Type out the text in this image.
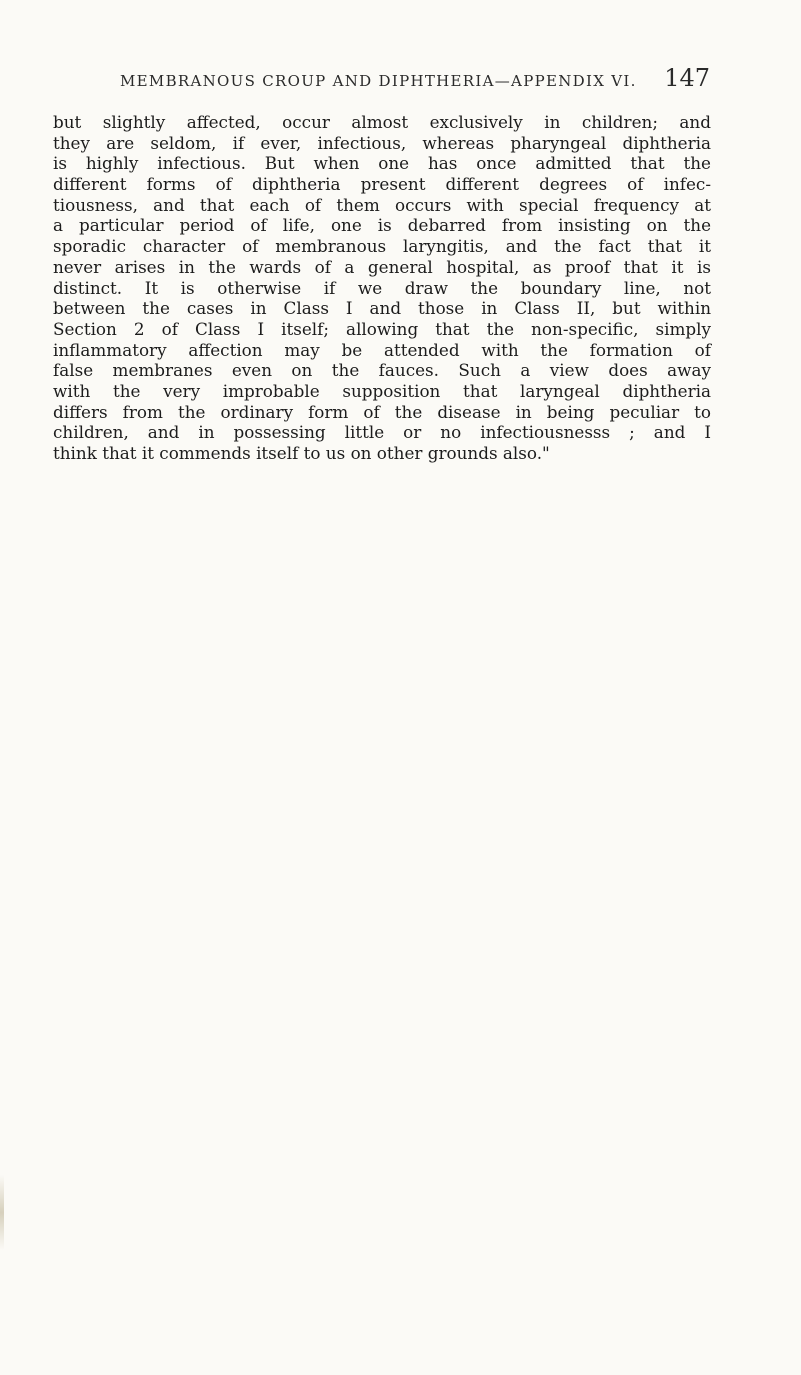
MEMBRANOUS CROUP AND DIPHTHERIA—APPENDIX VI. 147
but slightly affected, occur almost exclusively in children; and
they are seldom, if ever, infectious, whereas pharyngeal diphtheria
is highly infectious. But when one has once admitted that the
different forms of diphtheria present different degrees of infec-
tiousness, and that each of them occurs with special frequency at
a particular period of life, one is debarred from insisting on the
sporadic character of membranous laryngitis, and the fact that it
never arises in the wards of a general hospital, as proof that it is
distinct. It is otherwise if we draw the boundary line, not
between the cases in Class I and those in Class II, but within
Section 2 of Class I itself; allowing that the non-specific, simply
inflammatory affection may be attended with the formation of
false membranes even on the fauces. Such a view does away
with the very improbable supposition that laryngeal diphtheria
differs from the ordinary form of the disease in being peculiar to
children, and in possessing little or no infectiousnesss ; and I
think that it commends itself to us on other grounds also."
